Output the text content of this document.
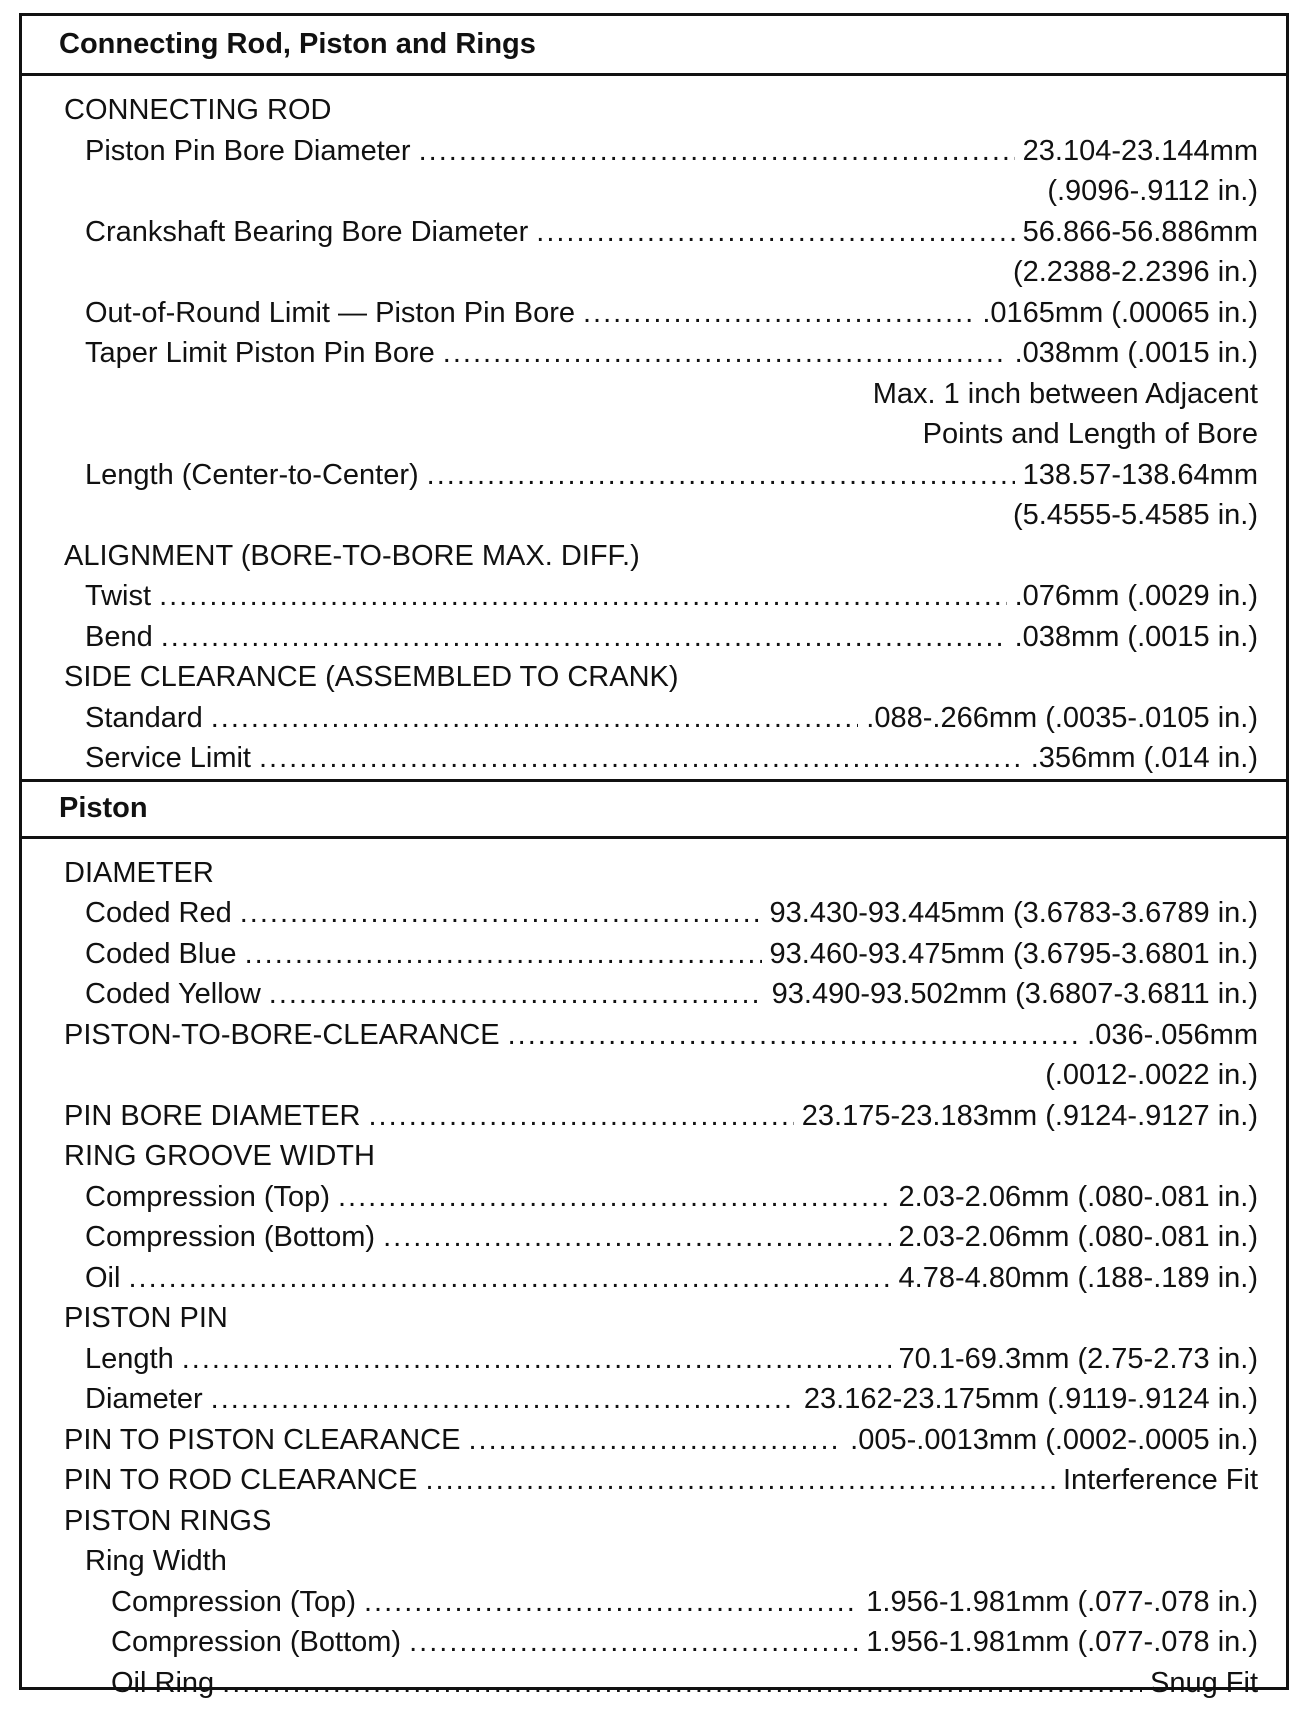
Connecting Rod, Piston and Rings
CONNECTING ROD
Piston Pin Bore Diameter .....	23.104-23.144mm
(.9096-.9112 in.)
Crankshaft Bearing Bore Diameter .....	56.866-56.886mm
(2.2388-2.2396 in.)
Out-of-Round Limit — Piston Pin Bore .....	.0165mm (.00065 in.)
Taper Limit Piston Pin Bore .....	.038mm (.0015 in.)
Max. 1 inch between Adjacent
Points and Length of Bore
Length (Center-to-Center) .....	138.57-138.64mm
(5.4555-5.4585 in.)
ALIGNMENT (BORE-TO-BORE MAX. DIFF.)
Twist .....	.076mm (.0029 in.)
Bend .....	.038mm (.0015 in.)
SIDE CLEARANCE (ASSEMBLED TO CRANK)
Standard .....	.088-.266mm (.0035-.0105 in.)
Service Limit .....	.356mm (.014 in.)
Piston
DIAMETER
Coded Red .....	93.430-93.445mm (3.6783-3.6789 in.)
Coded Blue .....	93.460-93.475mm (3.6795-3.6801 in.)
Coded Yellow .....	93.490-93.502mm (3.6807-3.6811 in.)
PISTON-TO-BORE-CLEARANCE .....	.036-.056mm
(.0012-.0022 in.)
PIN BORE DIAMETER .....	23.175-23.183mm (.9124-.9127 in.)
RING GROOVE WIDTH
Compression (Top) .....	2.03-2.06mm (.080-.081 in.)
Compression (Bottom) .....	2.03-2.06mm (.080-.081 in.)
Oil .....	4.78-4.80mm (.188-.189 in.)
PISTON PIN
Length .....	70.1-69.3mm (2.75-2.73 in.)
Diameter .....	23.162-23.175mm (.9119-.9124 in.)
PIN TO PISTON CLEARANCE .....	.005-.0013mm (.0002-.0005 in.)
PIN TO ROD CLEARANCE .....	Interference Fit
PISTON RINGS
Ring Width
Compression (Top) .....	1.956-1.981mm (.077-.078 in.)
Compression (Bottom) .....	1.956-1.981mm (.077-.078 in.)
Oil Ring .....	Snug Fit
